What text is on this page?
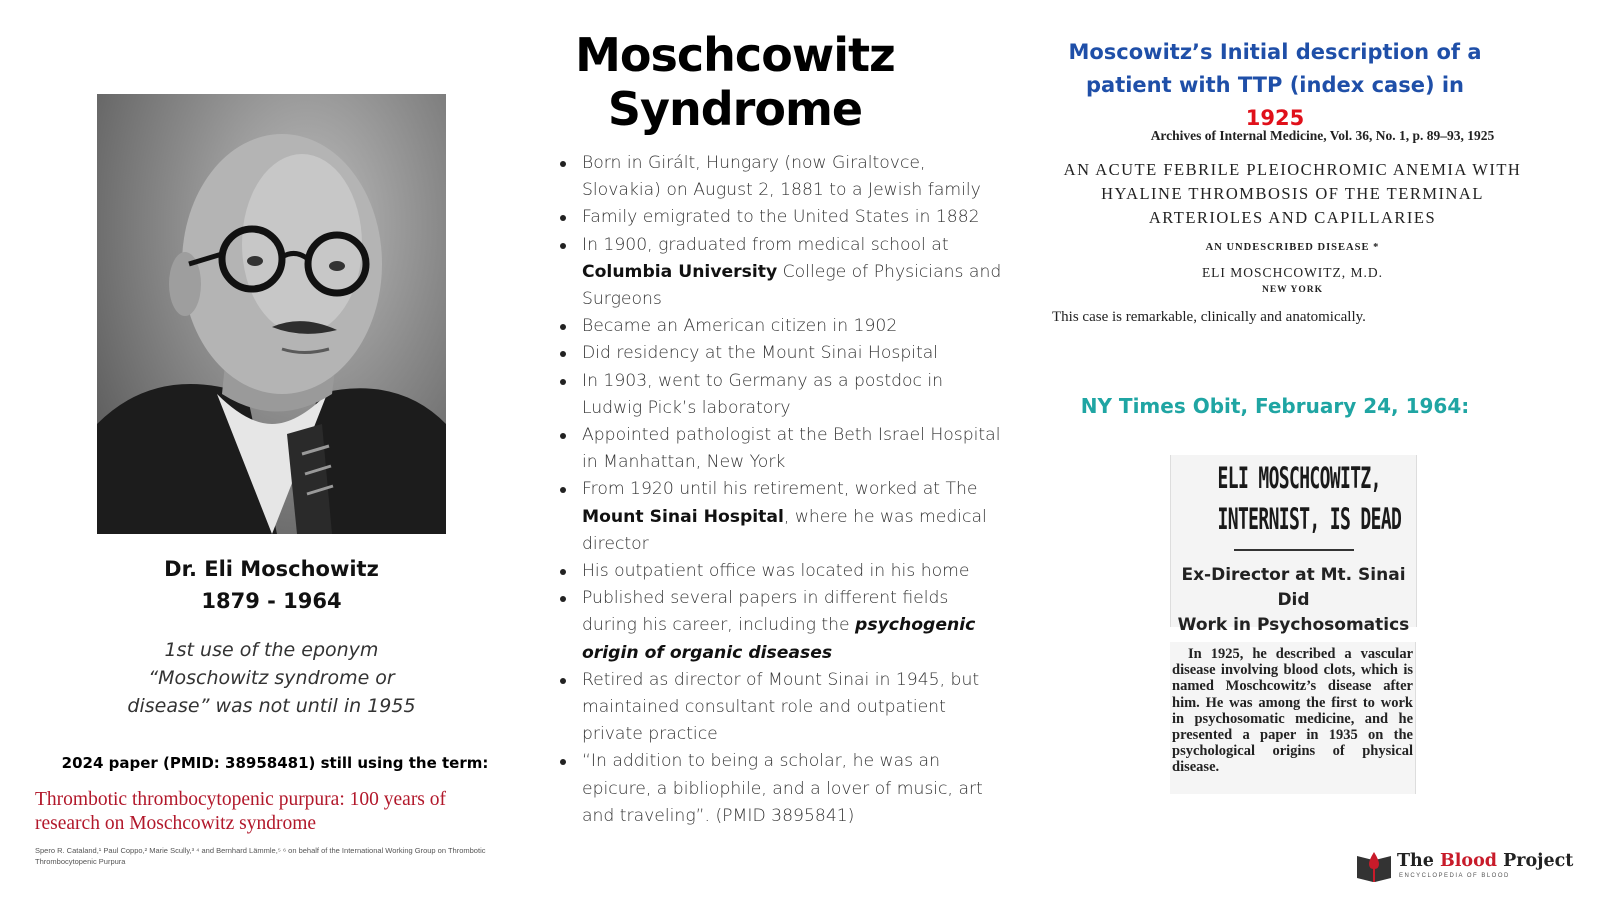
Moschcowitz Syndrome
Dr. Eli Moschowitz
1879 - 1964
1st use of the eponym
“Moschowitz syndrome or
disease” was not until in 1955
2024 paper (PMID: 38958481) still using the term:
Thrombotic thrombocytopenic purpura: 100 years of
research on Moschcowitz syndrome
Spero R. Cataland,¹ Paul Coppo,² Marie Scully,³ ⁴ and Bernhard Lämmle,⁵ ⁶ on behalf of the International Working Group on Thrombotic
Thrombocytopenic Purpura
Born in Girált, Hungary (now Giraltovce, Slovakia) on August 2, 1881 to a Jewish family
Family emigrated to the United States in 1882
In 1900, graduated from medical school at Columbia University College of Physicians and Surgeons
Became an American citizen in 1902
Did residency at the Mount Sinai Hospital
In 1903, went to Germany as a postdoc in Ludwig Pick’s laboratory
Appointed pathologist at the Beth Israel Hospital in Manhattan, New York
From 1920 until his retirement, worked at The Mount Sinai Hospital, where he was medical director
His outpatient office was located in his home
Published several papers in different fields during his career, including the psychogenic origin of organic diseases
Retired as director of Mount Sinai in 1945, but maintained consultant role and outpatient private practice
“In addition to being a scholar, he was an epicure, a bibliophile, and a lover of music, art and traveling”. (PMID 3895841)
Moscowitz’s Initial description of a
patient with TTP (index case) in 1925
Archives of Internal Medicine, Vol. 36, No. 1, p. 89–93, 1925
AN ACUTE FEBRILE PLEIOCHROMIC ANEMIA WITH
HYALINE THROMBOSIS OF THE TERMINAL
ARTERIOLES AND CAPILLARIES
AN UNDESCRIBED DISEASE *
ELI MOSCHCOWITZ, M.D.
NEW YORK
This case is remarkable, clinically and anatomically.
NY Times Obit, February 24, 1964:
ELI MOSCHCOWITZ,
INTERNIST, IS DEAD
Ex-Director at Mt. Sinai Did
Work in Psychosomatics
In 1925, he described a vascular disease involving blood clots, which is named Moschcowitz’s disease after him. He was among the first to work in psychosomatic medicine, and he presented a paper in 1935 on the psychological origins of physical disease.
The Blood Project
ENCYCLOPEDIA OF BLOOD
